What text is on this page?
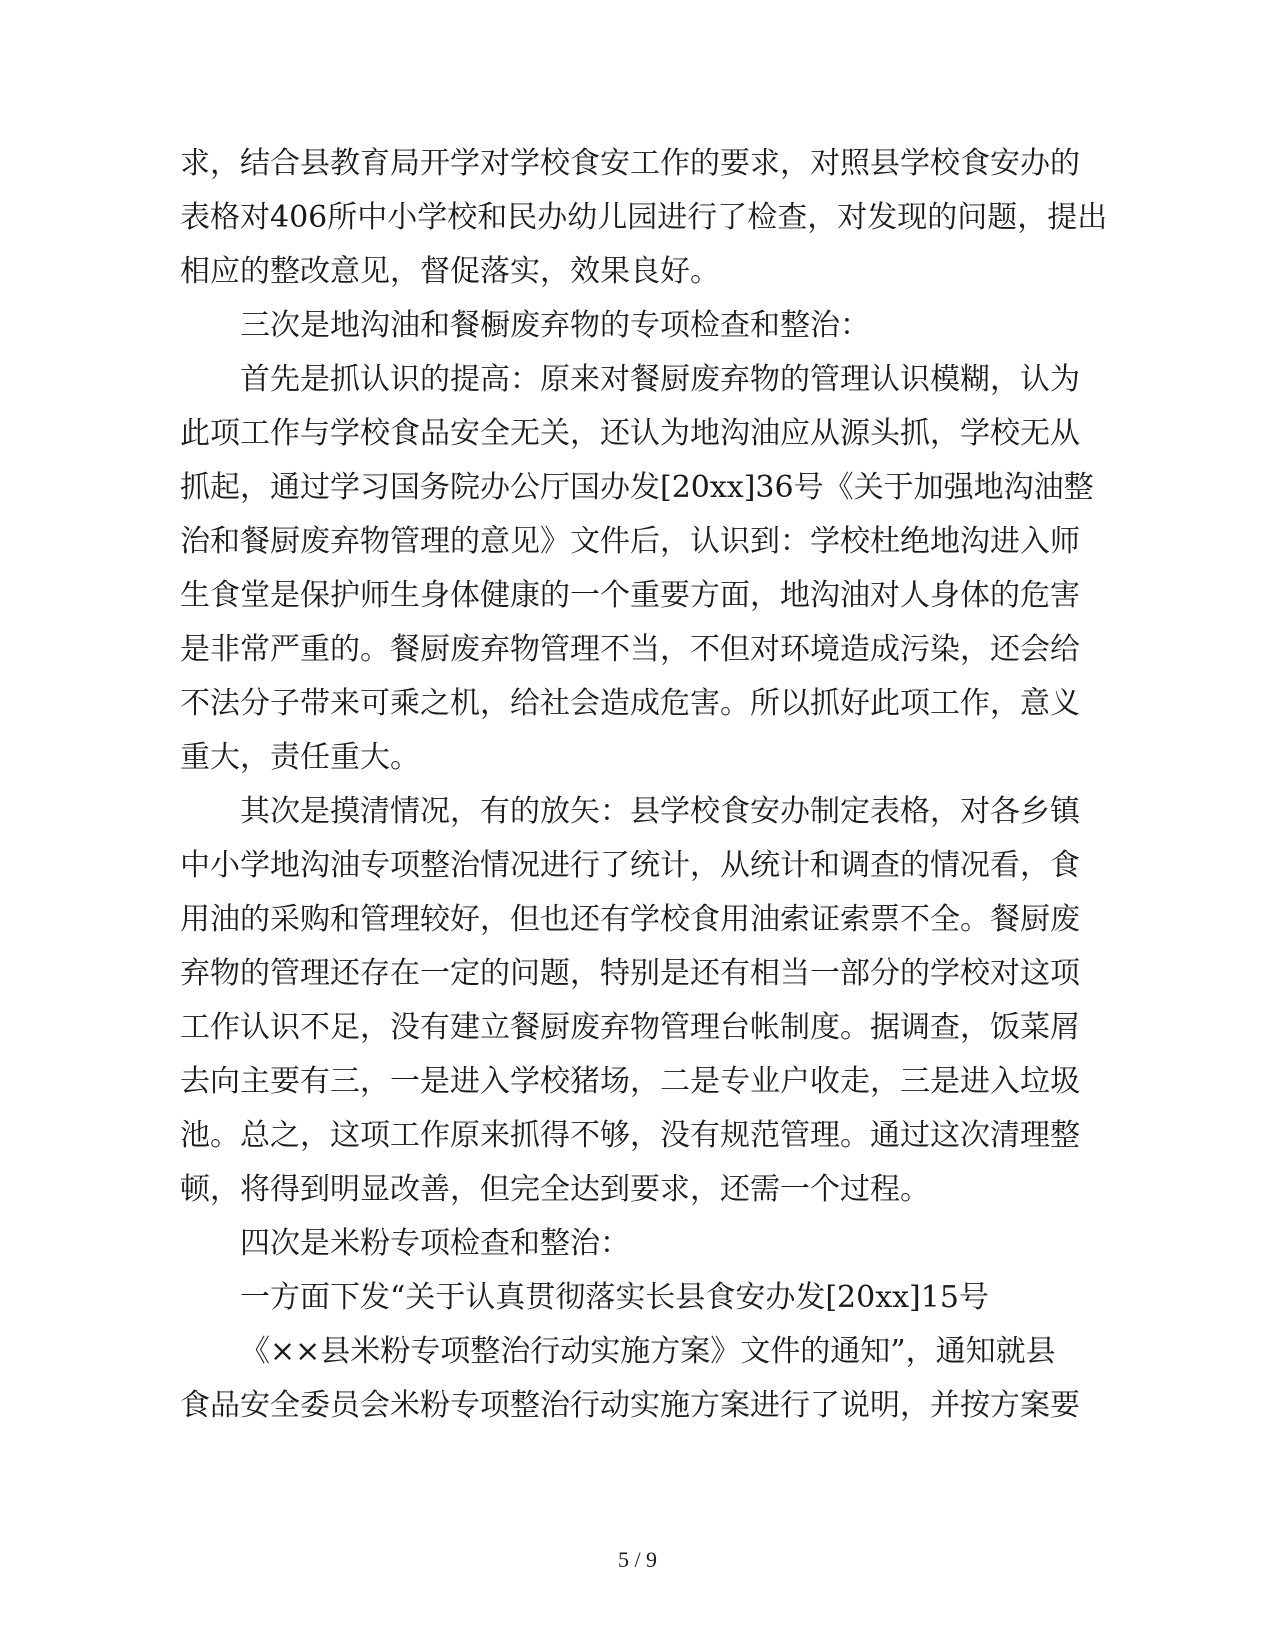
求，结合县教育局开学对学校食安工作的要求，对照县学校食安办的
表格对406所中小学校和民办幼儿园进行了检查，对发现的问题，提出
相应的整改意见，督促落实，效果良好。
三次是地沟油和餐橱废弃物的专项检查和整治：
首先是抓认识的提高：原来对餐厨废弃物的管理认识模糊，认为
此项工作与学校食品安全无关，还认为地沟油应从源头抓，学校无从
抓起，通过学习国务院办公厅国办发[20xx]36号《关于加强地沟油整
治和餐厨废弃物管理的意见》文件后，认识到：学校杜绝地沟进入师
生食堂是保护师生身体健康的一个重要方面，地沟油对人身体的危害
是非常严重的。餐厨废弃物管理不当，不但对环境造成污染，还会给
不法分子带来可乘之机，给社会造成危害。所以抓好此项工作，意义
重大，责任重大。
其次是摸清情况，有的放矢：县学校食安办制定表格，对各乡镇
中小学地沟油专项整治情况进行了统计，从统计和调查的情况看，食
用油的采购和管理较好，但也还有学校食用油索证索票不全。餐厨废
弃物的管理还存在一定的问题，特别是还有相当一部分的学校对这项
工作认识不足，没有建立餐厨废弃物管理台帐制度。据调查，饭菜屑
去向主要有三，一是进入学校猪场，二是专业户收走，三是进入垃圾
池。总之，这项工作原来抓得不够，没有规范管理。通过这次清理整
顿，将得到明显改善，但完全达到要求，还需一个过程。
四次是米粉专项检查和整治：
一方面下发“关于认真贯彻落实长县食安办发[20xx]15号
《××县米粉专项整治行动实施方案》文件的通知”，通知就县
食品安全委员会米粉专项整治行动实施方案进行了说明，并按方案要
5 / 9
